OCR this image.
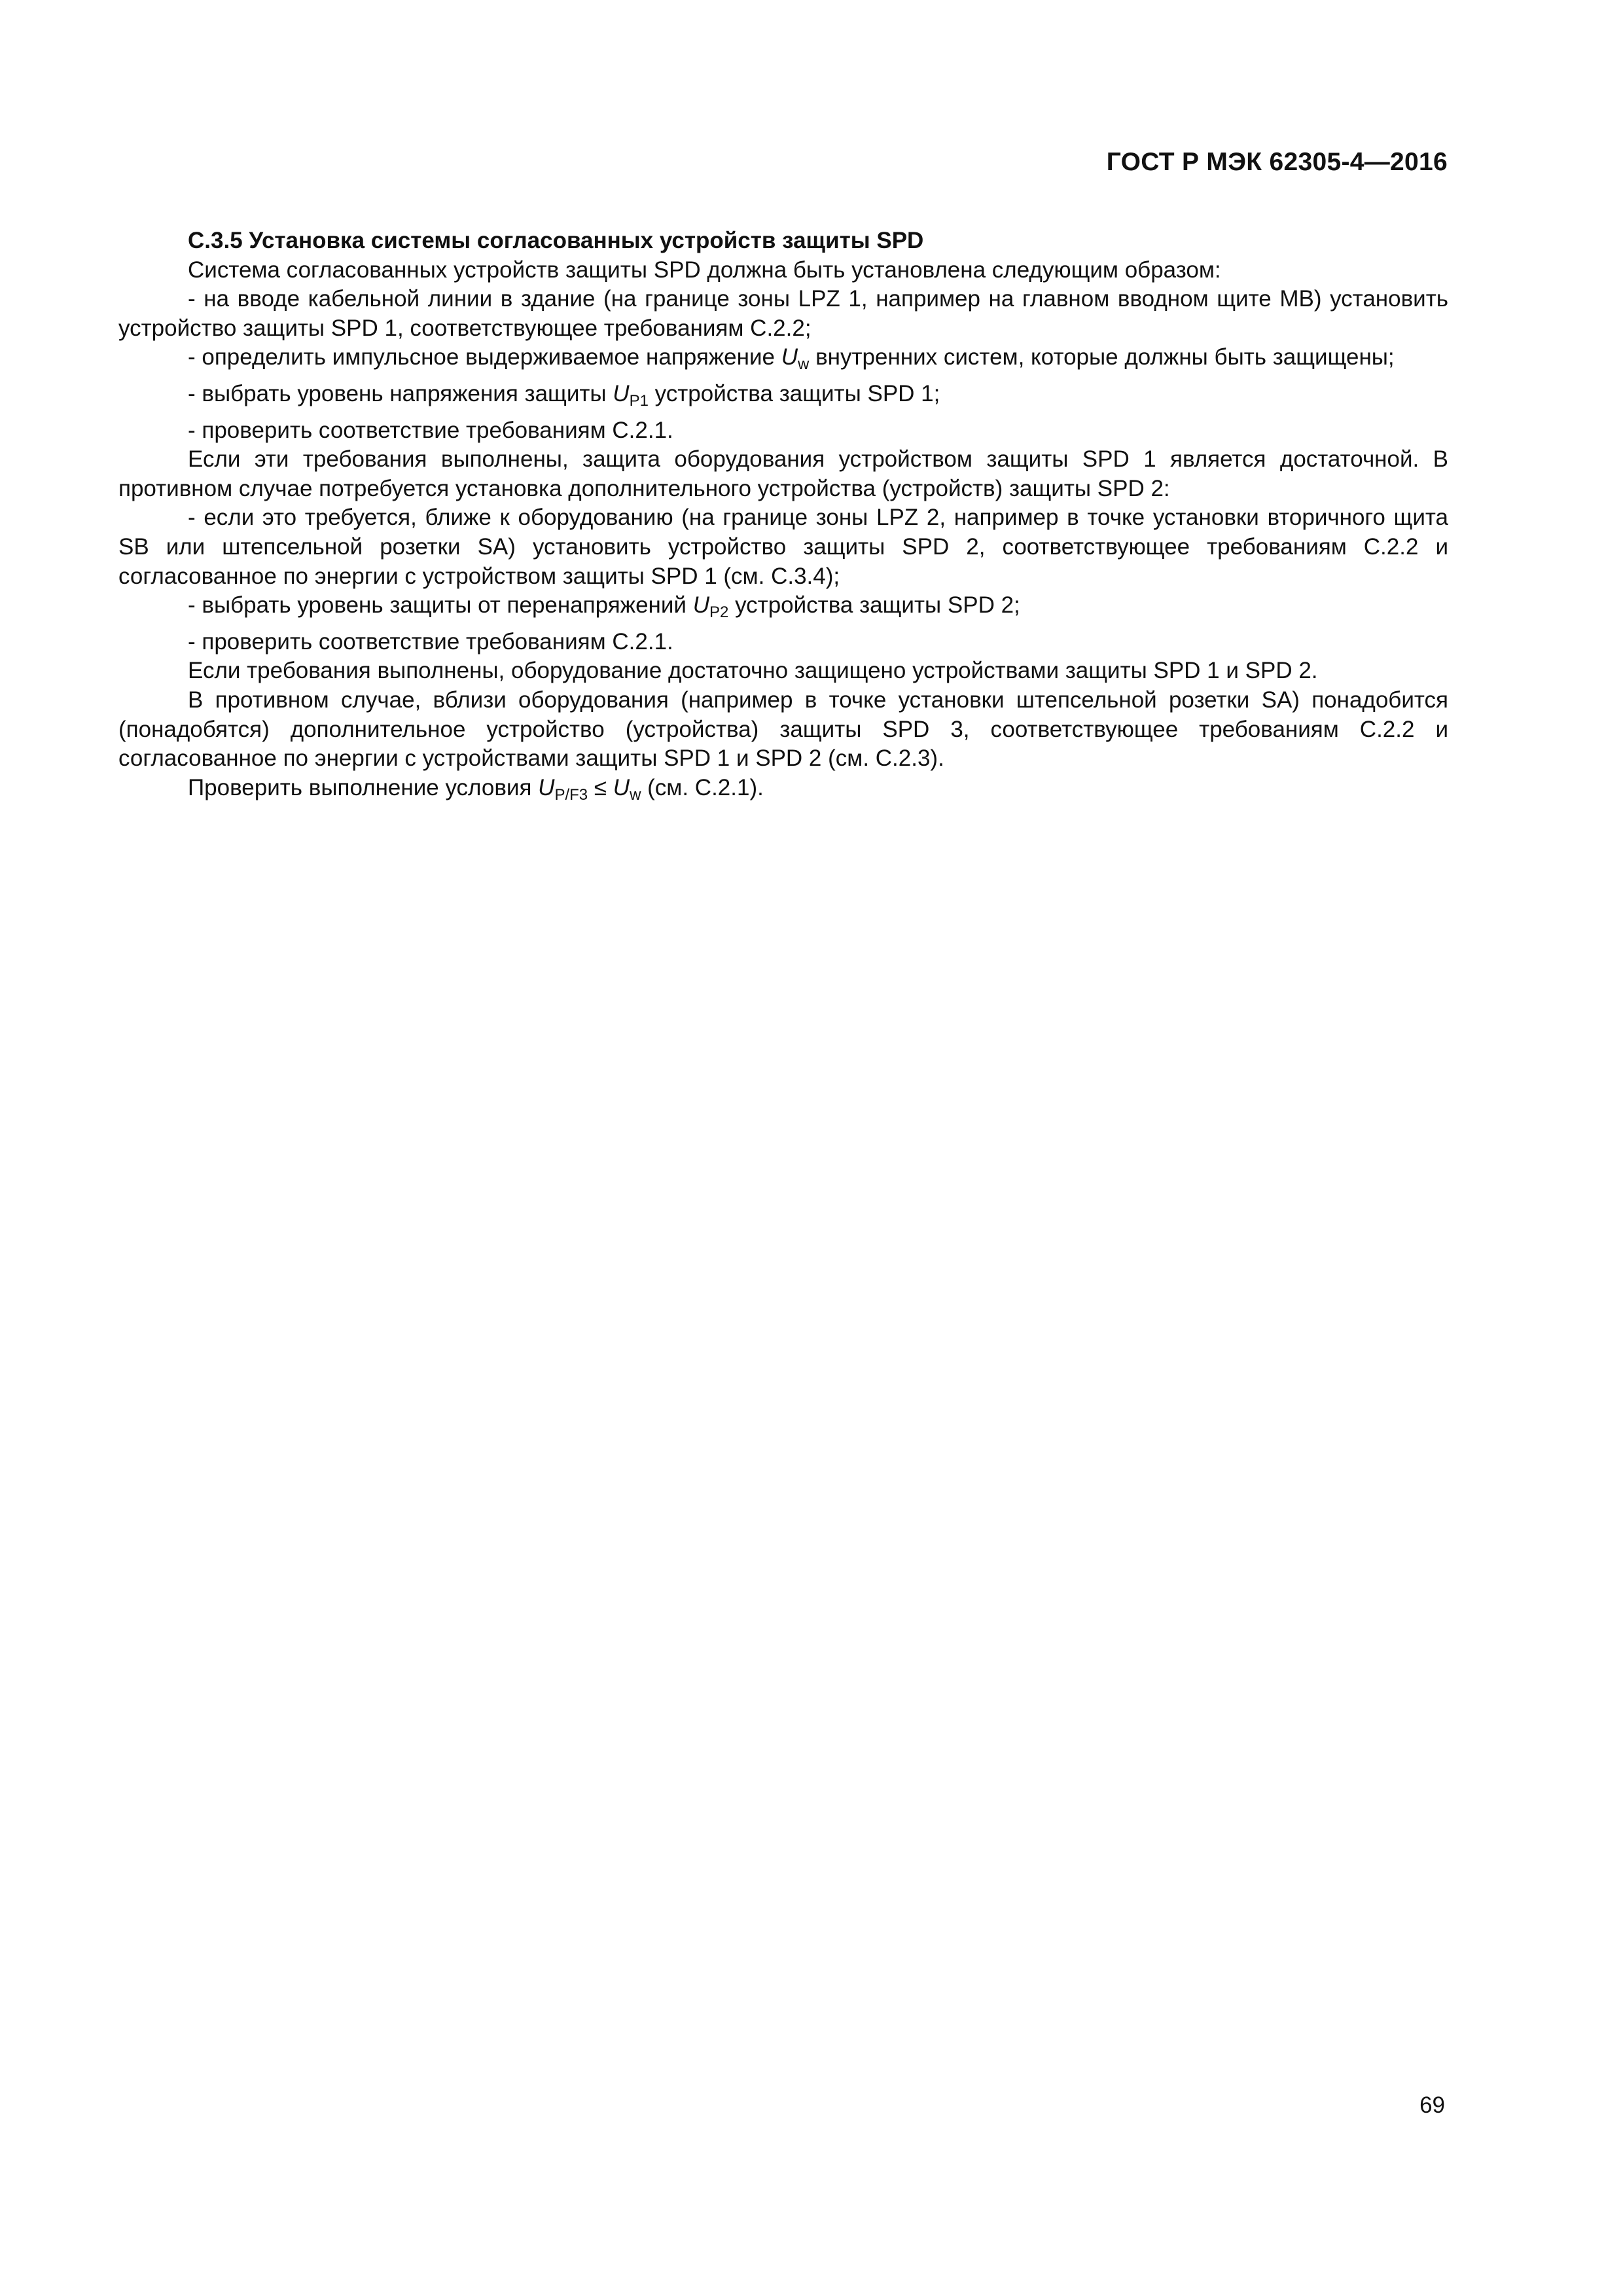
ГОСТ Р МЭК 62305-4—2016

С.3.5 Установка системы согласованных устройств защиты SPD

Система согласованных устройств защиты SPD должна быть установлена следующим образом:

- на вводе кабельной линии в здание (на границе зоны LPZ 1, например на главном вводном щите MB) установить устройство защиты SPD 1, соответствующее требованиям С.2.2;

- определить импульсное выдерживаемое напряжение $U_w$ внутренних систем, которые должны быть защищены;

- выбрать уровень напряжения защиты $U_{P1}$ устройства защиты SPD 1;

- проверить соответствие требованиям С.2.1.

Если эти требования выполнены, защита оборудования устройством защиты SPD 1 является достаточной. В противном случае потребуется установка дополнительного устройства (устройств) защиты SPD 2:

- если это требуется, ближе к оборудованию (на границе зоны LPZ 2, например в точке установки вторичного щита SB или штепсельной розетки SA) установить устройство защиты SPD 2, соответствующее требованиям С.2.2 и согласованное по энергии с устройством защиты SPD 1 (см. С.3.4);

- выбрать уровень защиты от перенапряжений $U_{P2}$ устройства защиты SPD 2;

- проверить соответствие требованиям С.2.1.

Если требования выполнены, оборудование достаточно защищено устройствами защиты SPD 1 и SPD 2.

В противном случае, вблизи оборудования (например в точке установки штепсельной розетки SA) понадобится (понадобятся) дополнительное устройство (устройства) защиты SPD 3, соответствующее требованиям С.2.2 и согласованное по энергии с устройствами защиты SPD 1 и SPD 2 (см. С.2.3).

Проверить выполнение условия $U_{P/F3} \le U_w$ (см. С.2.1).

69
